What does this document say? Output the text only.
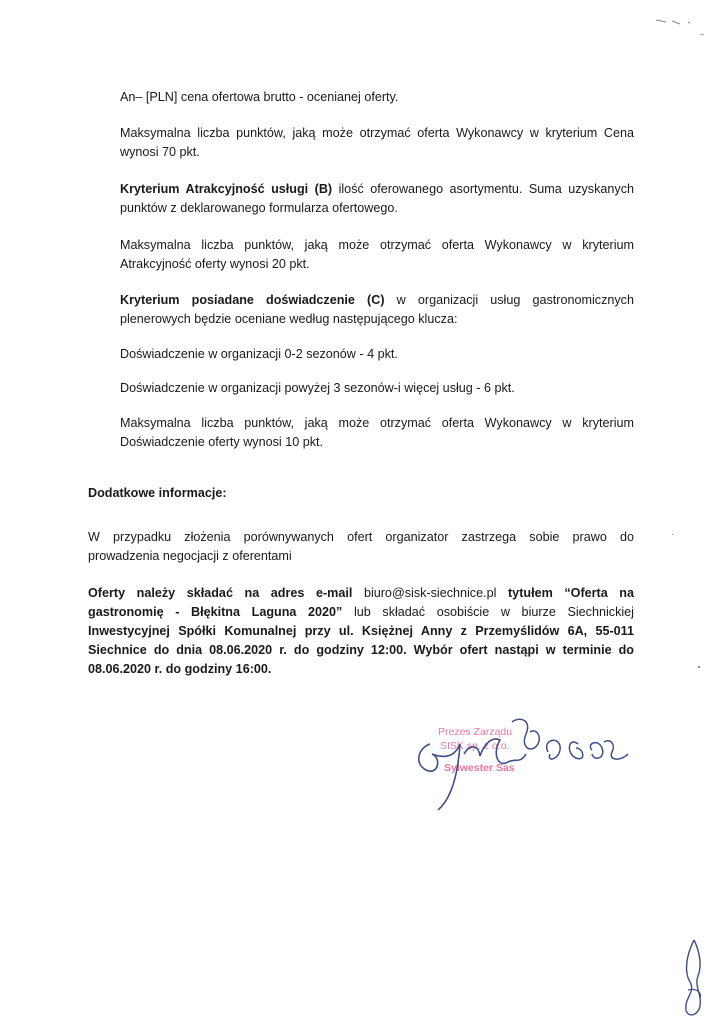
An– [PLN] cena ofertowa brutto - ocenianej oferty.

Maksymalna liczba punktów, jaką może otrzymać oferta Wykonawcy w kryterium Cena
wynosi 70 pkt.

Kryterium Atrakcyjność usługi (B) ilość oferowanego asortymentu. Suma uzyskanych
punktów z deklarowanego formularza ofertowego.

Maksymalna liczba punktów, jaką może otrzymać oferta Wykonawcy w kryterium
Atrakcyjność oferty wynosi 20 pkt.

Kryterium posiadane doświadczenie (C) w organizacji usług gastronomicznych
plenerowych będzie oceniane według następującego klucza:

Doświadczenie w organizacji 0-2 sezonów - 4 pkt.

Doświadczenie w organizacji powyżej 3 sezonów-i więcej usług - 6 pkt.

Maksymalna liczba punktów, jaką może otrzymać oferta Wykonawcy w kryterium
Doświadczenie oferty wynosi 10 pkt.

Dodatkowe informacje:

W przypadku złożenia porównywanych ofert organizator zastrzega sobie prawo do
prowadzenia negocjacji z oferentami

Oferty należy składać na adres e-mail biuro@sisk-siechnice.pl tytułem “Oferta na
gastronomię - Błękitna Laguna 2020” lub składać osobiście w biurze Siechnickiej
Inwestycyjnej Spółki Komunalnej przy ul. Księżnej Anny z Przemyślidów 6A, 55-011
Siechnice do dnia 08.06.2020 r. do godziny 12:00. Wybór ofert nastąpi w terminie do
08.06.2020 r. do godziny 16:00.

Prezes Zarządu
SISK sp. z o.o.
Sylwester Sas
